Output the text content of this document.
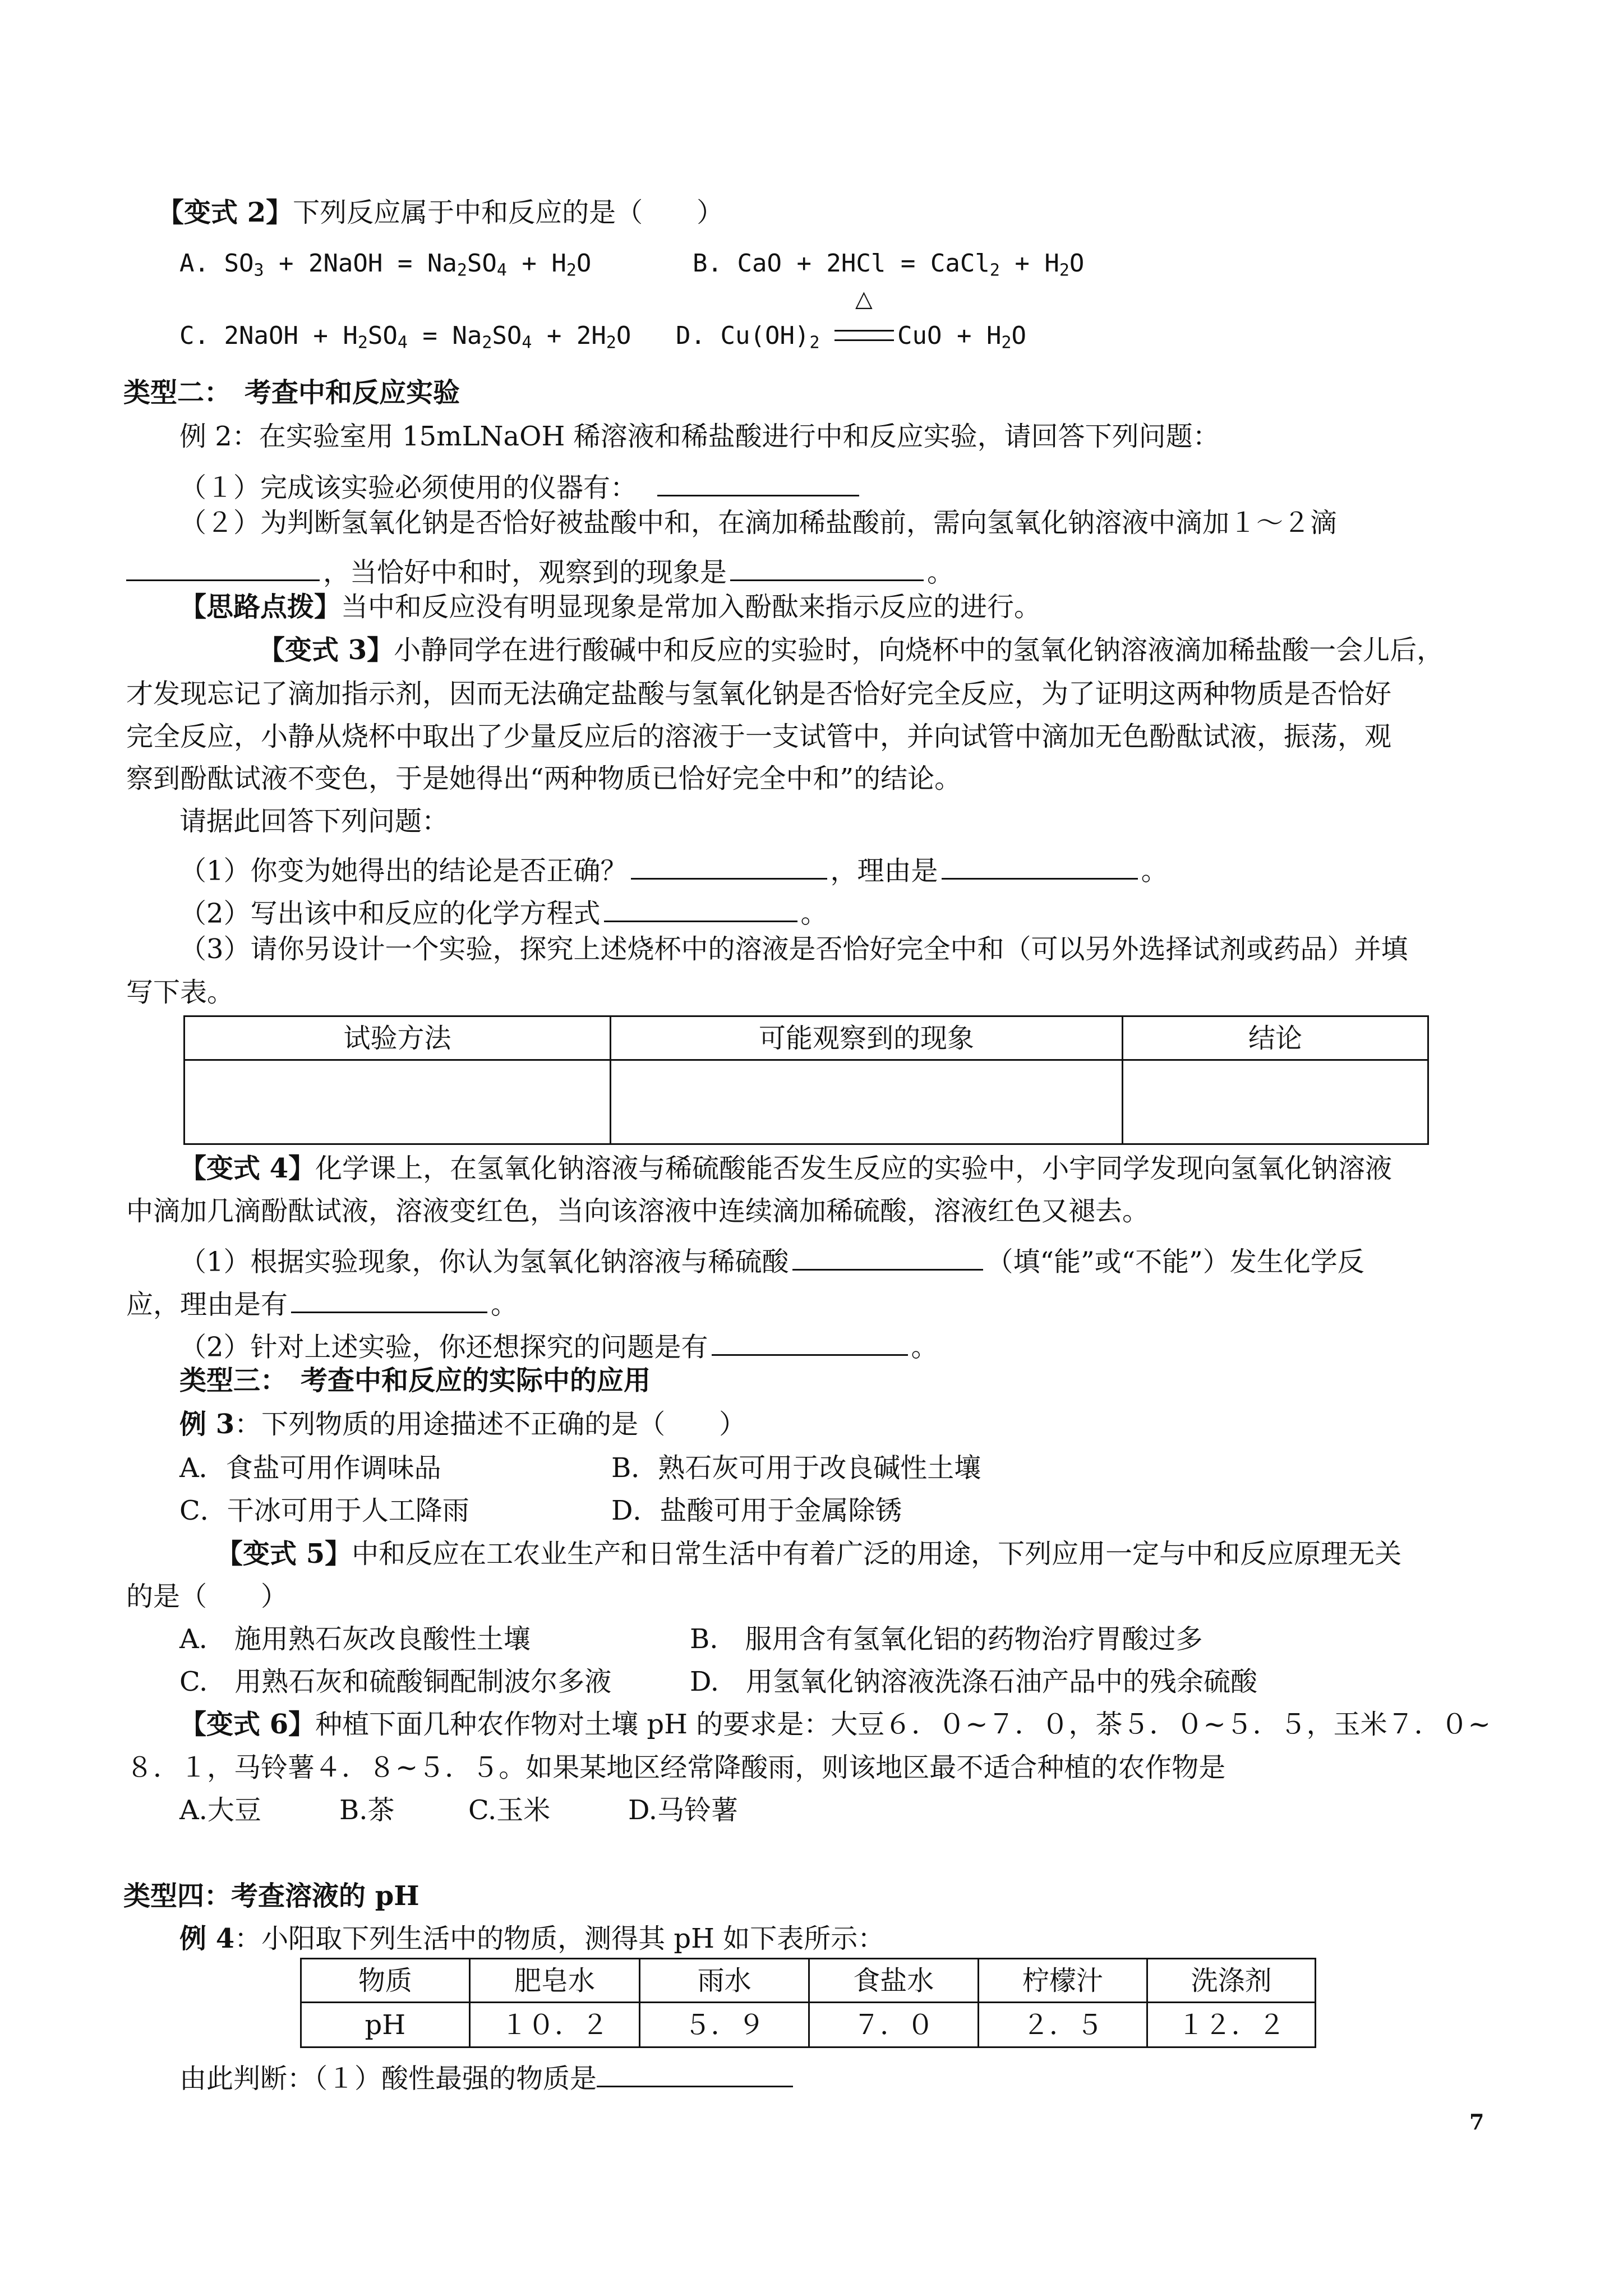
【变式 2】下列反应属于中和反应的是（　　）
A. $SO_3$ + 2NaOH = $Na_2SO_4 + H_2O$	B. CaO + 2HCl = CaCl$_2$ + $H_2O$
C. 2NaOH + $H_2SO_4 = Na_2SO_4 + 2H_2O$ D. $Cu(OH)_2$
△
CuO + $H_2O$
类型二：　考查中和反应实验
例 2：在实验室用 15mLNaOH 稀溶液和稀盐酸进行中和反应实验，请回答下列问题：
（１）完成该实验必须使用的仪器有：
（２）为判断氢氧化钠是否恰好被盐酸中和，在滴加稀盐酸前，需向氢氧化钠溶液中滴加１～２滴
，当恰好中和时，观察到的现象是	。
【思路点拨】当中和反应没有明显现象是常加入酚酞来指示反应的进行。
【变式 3】小静同学在进行酸碱中和反应的实验时，向烧杯中的氢氧化钠溶液滴加稀盐酸一会儿后，
才发现忘记了滴加指示剂，因而无法确定盐酸与氢氧化钠是否恰好完全反应，为了证明这两种物质是否恰好
完全反应，小静从烧杯中取出了少量反应后的溶液于一支试管中，并向试管中滴加无色酚酞试液，振荡，观
察到酚酞试液不变色，于是她得出“两种物质已恰好完全中和”的结论。
请据此回答下列问题：
（1）你变为她得出的结论是否正确？	，理由是	。
（2）写出该中和反应的化学方程式	。
（3）请你另设计一个实验，探究上述烧杯中的溶液是否恰好完全中和（可以另外选择试剂或药品）并填
写下表。
试验方法	可能观察到的现象	结论

【变式 4】化学课上，在氢氧化钠溶液与稀硫酸能否发生反应的实验中，小宇同学发现向氢氧化钠溶液
中滴加几滴酚酞试液，溶液变红色，当向该溶液中连续滴加稀硫酸，溶液红色又褪去。
（1）根据实验现象，你认为氢氧化钠溶液与稀硫酸	（填“能”或“不能”）发生化学反
应，理由是有	。
（2）针对上述实验，你还想探究的问题是有	。
类型三：　考查中和反应的实际中的应用
例 3：下列物质的用途描述不正确的是（　　）
A．食盐可用作调味品	B．熟石灰可用于改良碱性土壤
C．干冰可用于人工降雨	D．盐酸可用于金属除锈
【变式 5】中和反应在工农业生产和日常生活中有着广泛的用途，下列应用一定与中和反应原理无关
的是（　　）
A.　施用熟石灰改良酸性土壤	B.　服用含有氢氧化铝的药物治疗胃酸过多
C.　用熟石灰和硫酸铜配制波尔多液	D.　用氢氧化钠溶液洗涤石油产品中的残余硫酸
【变式 6】种植下面几种农作物对土壤 pH 的要求是：大豆６．０~７．０，茶５．０~５．５，玉米７．０~
８．１，马铃薯４．８~５．５。如果某地区经常降酸雨，则该地区最不适合种植的农作物是
A.大豆	B.茶	C.玉米	D.马铃薯
类型四：考查溶液的 pH
例 4：小阳取下列生活中的物质，测得其 pH 如下表所示：
物质	肥皂水	雨水	食盐水	柠檬汁	洗涤剂
pH	１０．２	５．９	７．０	２．５	１２．２
由此判断：（１）酸性最强的物质是
7
